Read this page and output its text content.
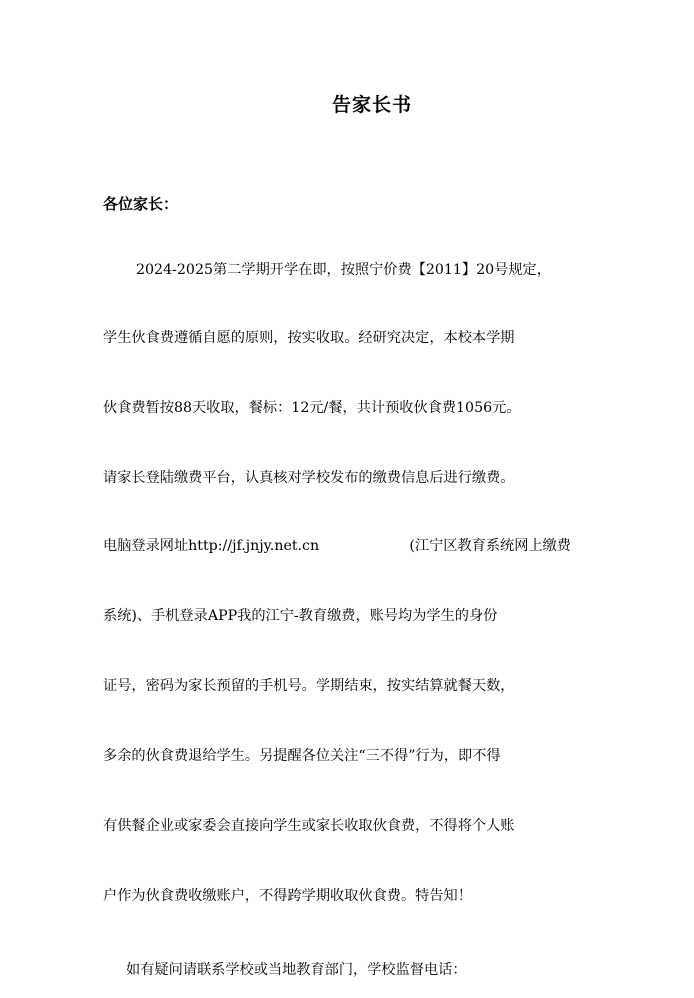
告家长书
各位家长：
2024-2025第二学期开学在即，按照宁价费【2011】20号规定，
学生伙食费遵循自愿的原则，按实收取。经研究决定，本校本学期
伙食费暂按88天收取，餐标：12元/餐，共计预收伙食费1056元。
请家长登陆缴费平台，认真核对学校发布的缴费信息后进行缴费。
电脑登录网址http://jf.jnjy.net.cn	(江宁区教育系统网上缴费
系统)、手机登录APP我的江宁-教育缴费，账号均为学生的身份
证号，密码为家长预留的手机号。学期结束，按实结算就餐天数，
多余的伙食费退给学生。另提醒各位关注“三不得”行为，即不得
有供餐企业或家委会直接向学生或家长收取伙食费，不得将个人账
户作为伙食费收缴账户，不得跨学期收取伙食费。特告知！
如有疑问请联系学校或当地教育部门，学校监督电话：
